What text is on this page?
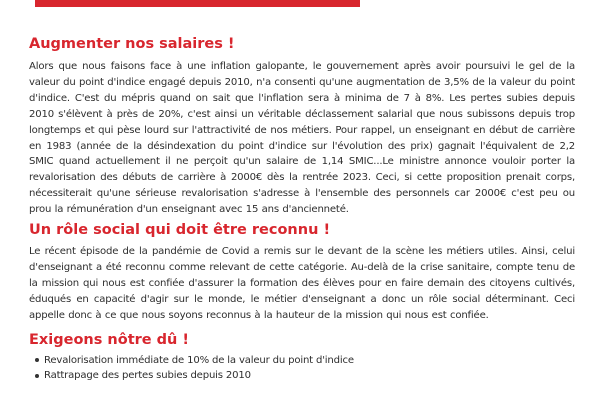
Augmenter nos salaires !

Alors que nous faisons face à une inflation galopante, le gouvernement après avoir poursuivi le gel de la valeur du point d'indice engagé depuis 2010, n'a consenti qu'une augmentation de 3,5% de la valeur du point d'indice. C'est du mépris quand on sait que l'inflation sera à minima de 7 à 8%. Les pertes subies depuis 2010 s'élèvent à près de 20%, c'est ainsi un véritable déclassement salarial que nous subissons depuis trop longtemps et qui pèse lourd sur l'attractivité de nos métiers. Pour rappel, un enseignant en début de carrière en 1983 (année de la désindexation du point d'indice sur l'évolution des prix) gagnait l'équivalent de 2,2 SMIC quand actuellement il ne perçoit qu'un salaire de 1,14 SMIC...Le ministre annonce vouloir porter la revalorisation des débuts de carrière à 2000€ dès la rentrée 2023. Ceci, si cette proposition prenait corps, nécessiterait qu'une sérieuse revalorisation s'adresse à l'ensemble des personnels car 2000€ c'est peu ou prou la rémunération d'un enseignant avec 15 ans d'ancienneté.

Un rôle social qui doit être reconnu !

Le récent épisode de la pandémie de Covid a remis sur le devant de la scène les métiers utiles. Ainsi, celui d'enseignant a été reconnu comme relevant de cette catégorie. Au-delà de la crise sanitaire, compte tenu de la mission qui nous est confiée d'assurer la formation des élèves pour en faire demain des citoyens cultivés, éduqués en capacité d'agir sur le monde, le métier d'enseignant a donc un rôle social déterminant. Ceci appelle donc à ce que nous soyons reconnus à la hauteur de la mission qui nous est confiée.

Exigeons nôtre dû !
Revalorisation immédiate de 10% de la valeur du point d'indice
Rattrapage des pertes subies depuis 2010
